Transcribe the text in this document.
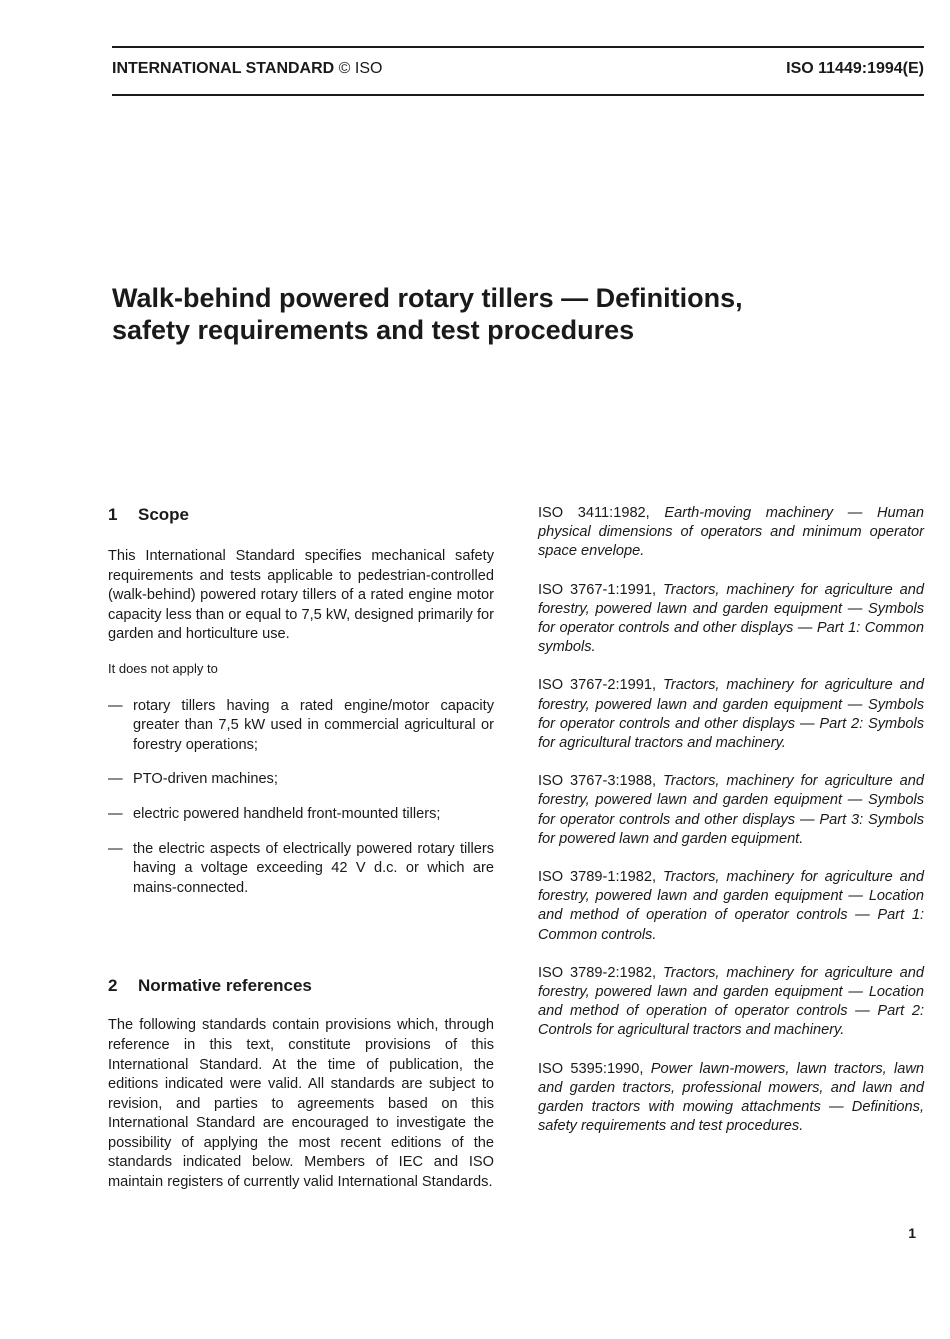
INTERNATIONAL STANDARD © ISO	ISO 11449:1994(E)
Walk-behind powered rotary tillers — Definitions,
safety requirements and test procedures
1 Scope

This International Standard specifies mechanical safety requirements and tests applicable to pedestrian-controlled (walk-behind) powered rotary tillers of a rated engine motor capacity less than or equal to 7,5 kW, designed primarily for garden and horticulture use.

It does not apply to

— rotary tillers having a rated engine/motor capacity greater than 7,5 kW used in commercial agricultural or forestry operations;
— PTO-driven machines;
— electric powered handheld front-mounted tillers;
— the electric aspects of electrically powered rotary tillers having a voltage exceeding 42 V d.c. or which are mains-connected.
2 Normative references

The following standards contain provisions which, through reference in this text, constitute provisions of this International Standard. At the time of publication, the editions indicated were valid. All standards are subject to revision, and parties to agreements based on this International Standard are encouraged to investigate the possibility of applying the most recent editions of the standards indicated below. Members of IEC and ISO maintain registers of currently valid International Standards.

ISO 3411:1982, Earth-moving machinery — Human physical dimensions of operators and minimum operator space envelope.

ISO 3767-1:1991, Tractors, machinery for agriculture and forestry, powered lawn and garden equipment — Symbols for operator controls and other displays — Part 1: Common symbols.

ISO 3767-2:1991, Tractors, machinery for agriculture and forestry, powered lawn and garden equipment — Symbols for operator controls and other displays — Part 2: Symbols for agricultural tractors and machinery.

ISO 3767-3:1988, Tractors, machinery for agriculture and forestry, powered lawn and garden equipment — Symbols for operator controls and other displays — Part 3: Symbols for powered lawn and garden equipment.

ISO 3789-1:1982, Tractors, machinery for agriculture and forestry, powered lawn and garden equipment — Location and method of operation of operator controls — Part 1: Common controls.

ISO 3789-2:1982, Tractors, machinery for agriculture and forestry, powered lawn and garden equipment — Location and method of operation of operator controls — Part 2: Controls for agricultural tractors and machinery.

ISO 5395:1990, Power lawn-mowers, lawn tractors, lawn and garden tractors, professional mowers, and lawn and garden tractors with mowing attachments — Definitions, safety requirements and test procedures.

1
